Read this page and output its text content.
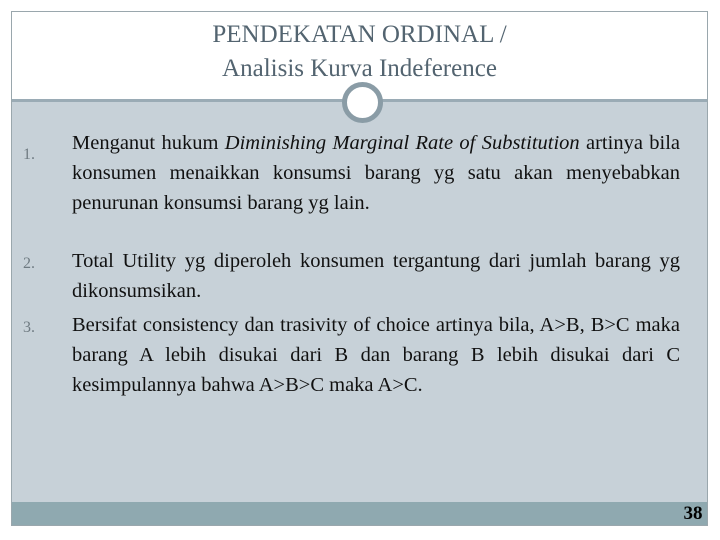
PENDEKATAN ORDINAL /
Analisis Kurva Indeference
1.
Menganut hukum Diminishing Marginal Rate of Substitution artinya bila konsumen menaikkan konsumsi barang yg satu akan menyebabkan penurunan konsumsi barang yg lain.
2. Total Utility yg diperoleh konsumen tergantung dari jumlah barang yg dikonsumsikan.
3. Bersifat consistency dan trasivity of choice artinya bila, A>B, B>C maka barang A lebih disukai dari B dan barang B lebih disukai dari C kesimpulannya bahwa A>B>C maka A>C.
38
